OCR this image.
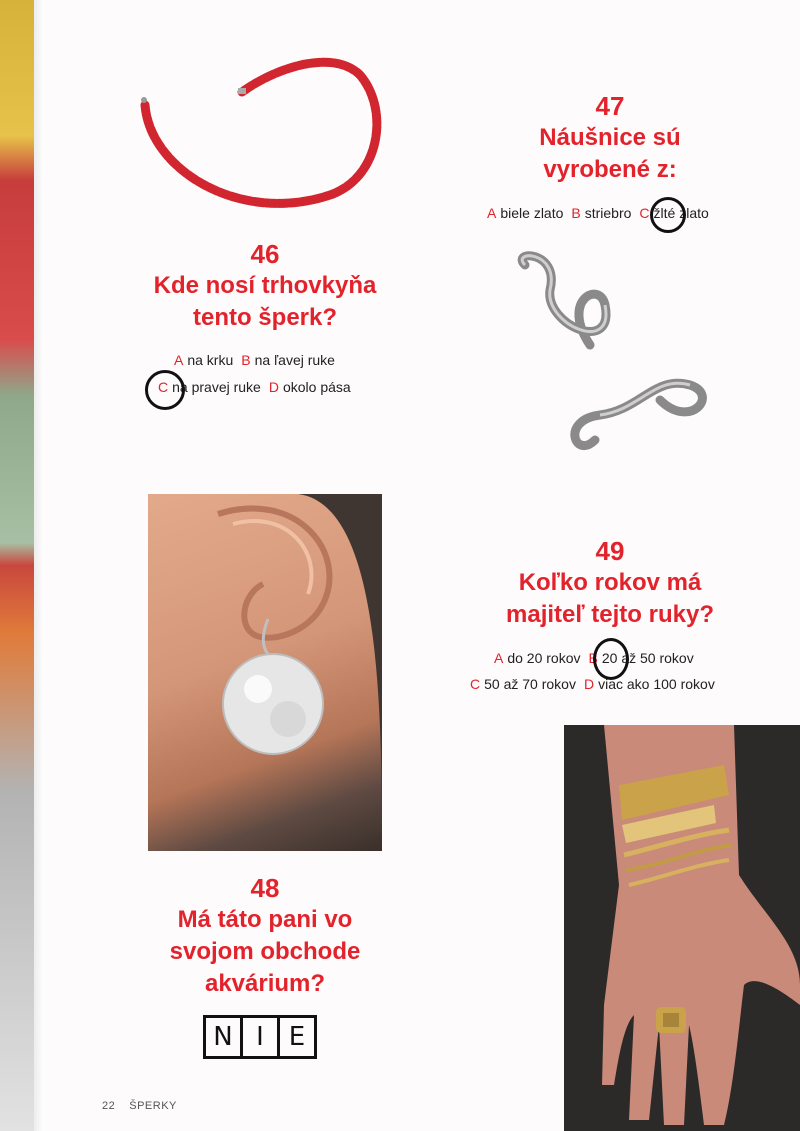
47
Náušnice sú
vyrobené z:
A biele zlato B striebro C žlté zlato
46
Kde nosí trhovkyňa
tento šperk?
A na krku B na ľavej ruke
C na pravej ruke D okolo pása
49
Koľko rokov má
majiteľ tejto ruky?
A do 20 rokov B 20 až 50 rokov
C 50 až 70 rokov D viac ako 100 rokov
48
Má táto pani vo
svojom obchode
akvárium?
N I E
22 ŠPERKY
